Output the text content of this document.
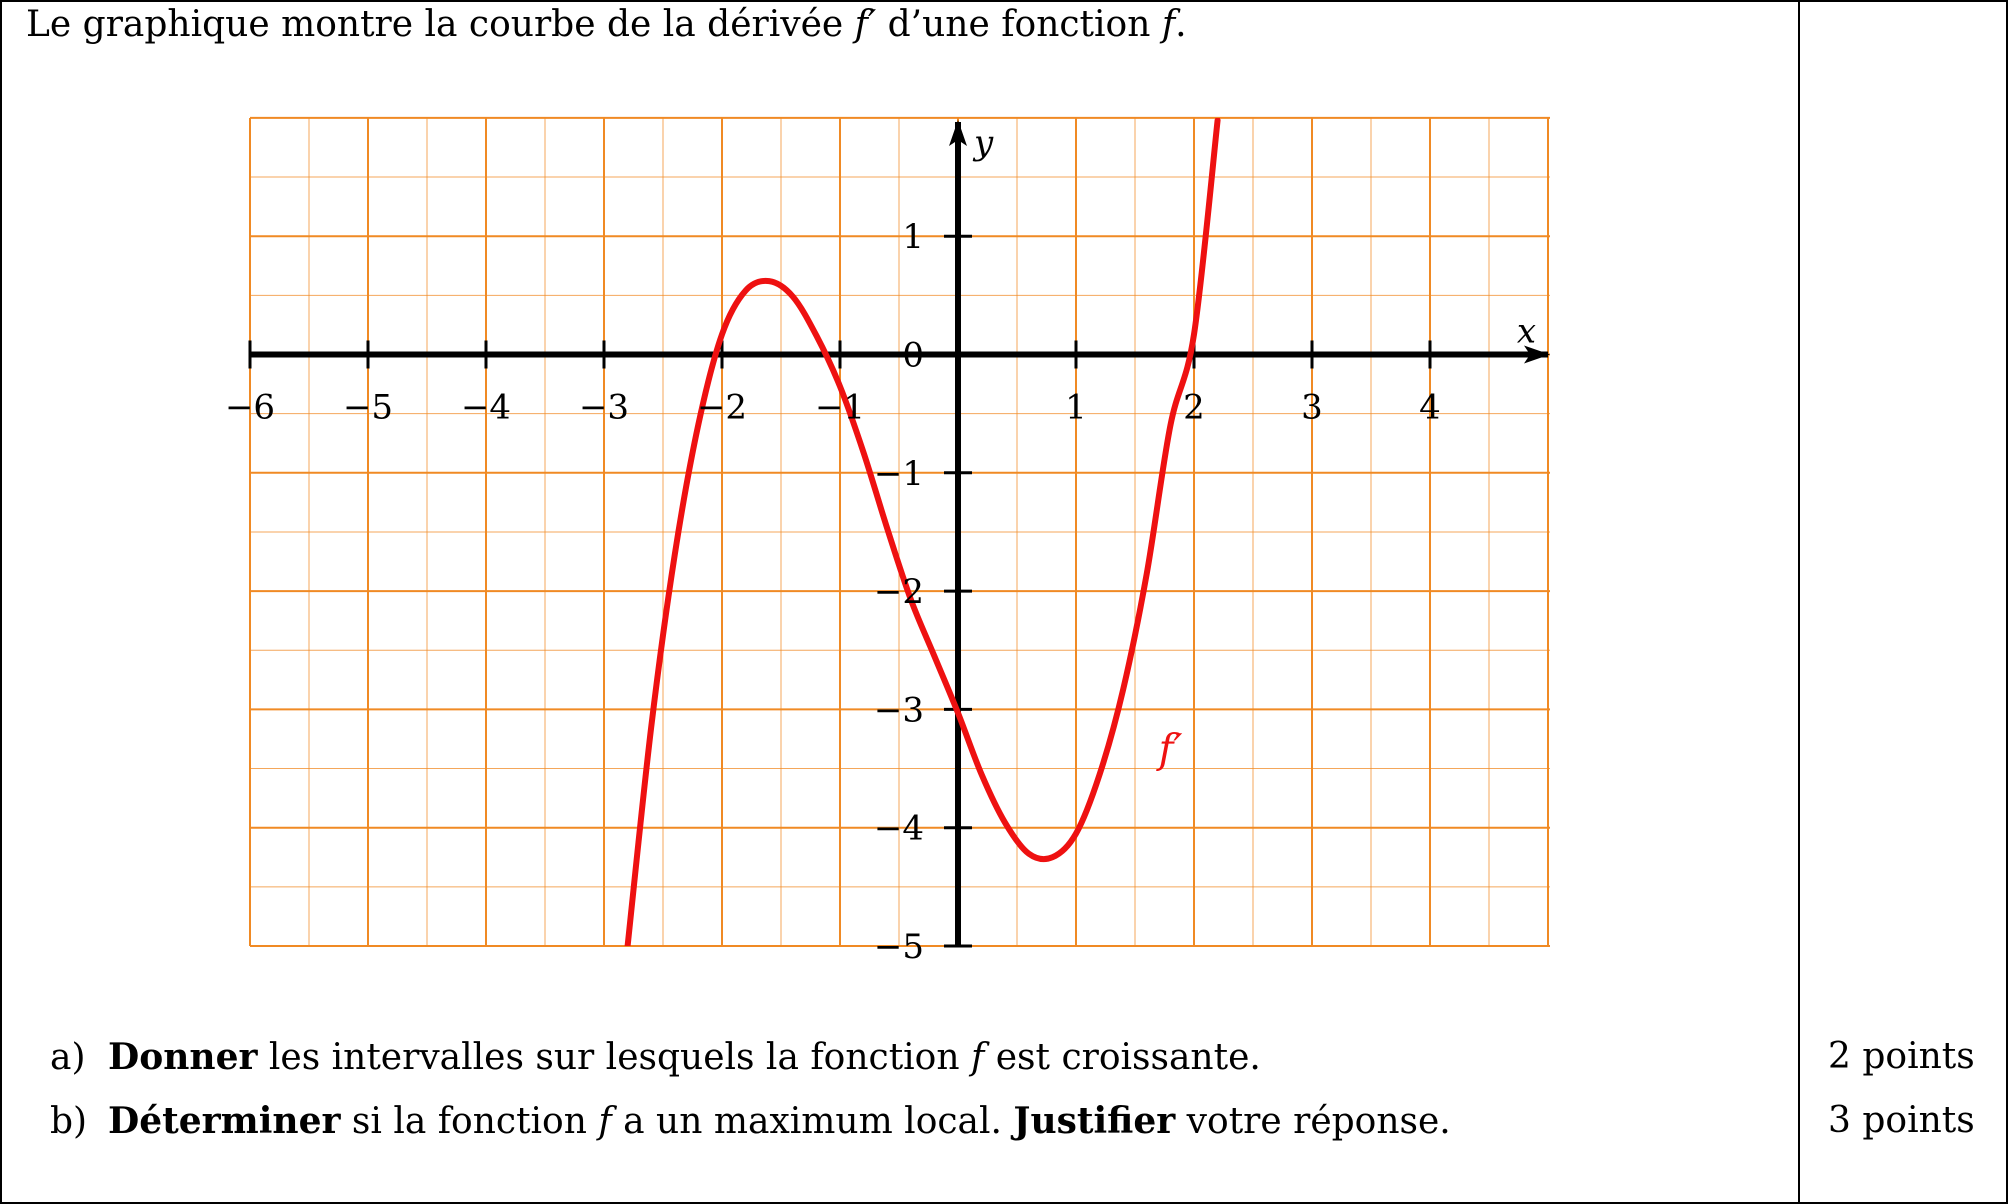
Le graphique montre la courbe de la dérivée f′ d’une fonction f.
−6 −5 −4 −3 −2 −1	1	2	3	4
−5
−4
−3
−2
−1
1
0
x
y
f′
a) Donner les intervalles sur lesquels la fonction f est croissante.	2 points
b) Déterminer si la fonction f a un maximum local. Justifier votre réponse.	3 points
